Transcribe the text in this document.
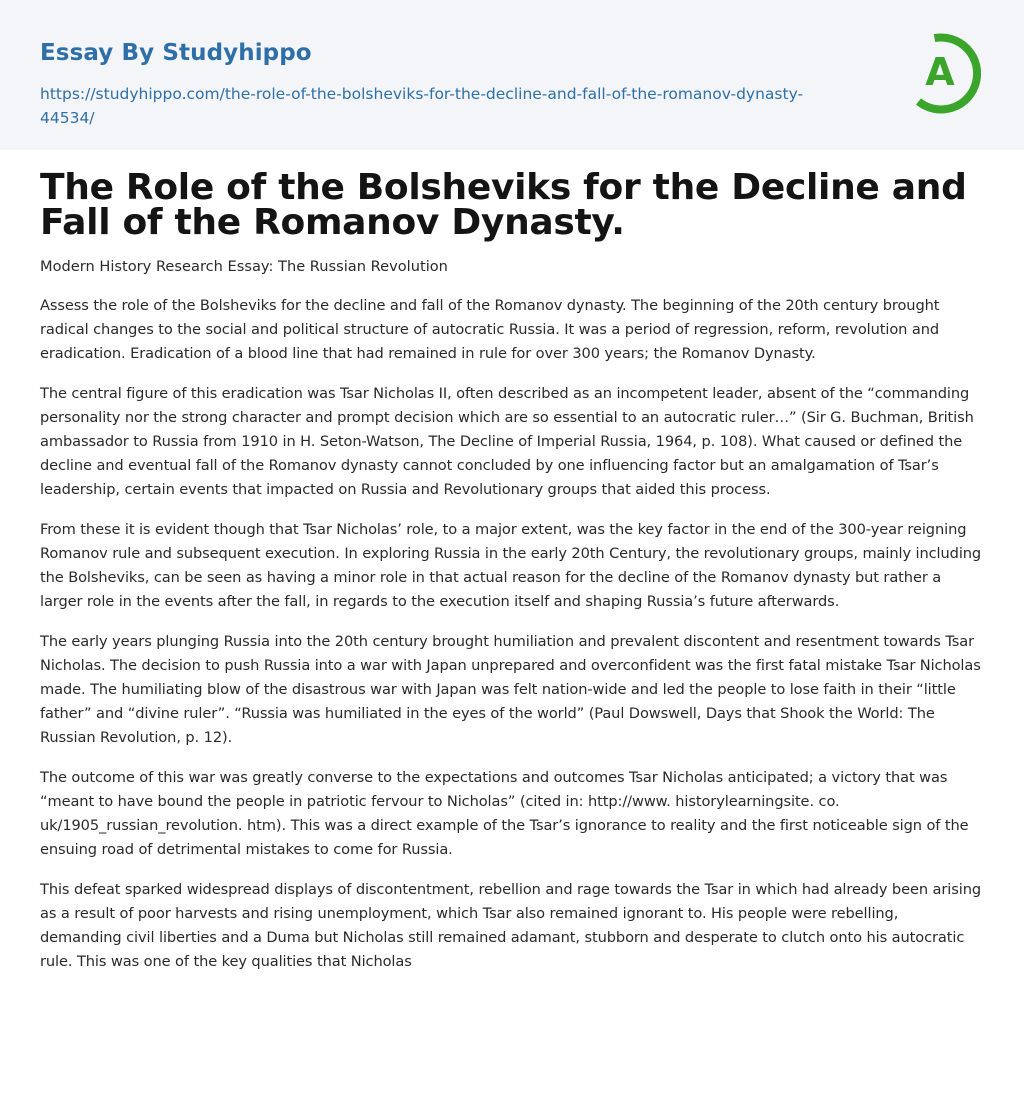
Essay By Studyhippo
https://studyhippo.com/the-role-of-the-bolsheviks-for-the-decline-and-fall-of-the-romanov-dynasty-44534/
A
The Role of the Bolsheviks for the Decline and Fall of the Romanov Dynasty.
Modern History Research Essay: The Russian Revolution

Assess the role of the Bolsheviks for the decline and fall of the Romanov dynasty. The beginning of the 20th century brought radical changes to the social and political structure of autocratic Russia. It was a period of regression, reform, revolution and eradication. Eradication of a blood line that had remained in rule for over 300 years; the Romanov Dynasty.

The central figure of this eradication was Tsar Nicholas II, often described as an incompetent leader, absent of the “commanding personality nor the strong character and prompt decision which are so essential to an autocratic ruler…” (Sir G. Buchman, British ambassador to Russia from 1910 in H. Seton-Watson, The Decline of Imperial Russia, 1964, p. 108). What caused or defined the decline and eventual fall of the Romanov dynasty cannot concluded by one influencing factor but an amalgamation of Tsar’s leadership, certain events that impacted on Russia and Revolutionary groups that aided this process.

From these it is evident though that Tsar Nicholas’ role, to a major extent, was the key factor in the end of the 300-year reigning Romanov rule and subsequent execution. In exploring Russia in the early 20th Century, the revolutionary groups, mainly including the Bolsheviks, can be seen as having a minor role in that actual reason for the decline of the Romanov dynasty but rather a larger role in the events after the fall, in regards to the execution itself and shaping Russia’s future afterwards.

The early years plunging Russia into the 20th century brought humiliation and prevalent discontent and resentment towards Tsar Nicholas. The decision to push Russia into a war with Japan unprepared and overconfident was the first fatal mistake Tsar Nicholas made. The humiliating blow of the disastrous war with Japan was felt nation-wide and led the people to lose faith in their “little father” and “divine ruler”. “Russia was humiliated in the eyes of the world” (Paul Dowswell, Days that Shook the World: The Russian Revolution, p. 12).

The outcome of this war was greatly converse to the expectations and outcomes Tsar Nicholas anticipated; a victory that was “meant to have bound the people in patriotic fervour to Nicholas” (cited in: http://www. historylearningsite. co. uk/1905_russian_revolution. htm). This was a direct example of the Tsar’s ignorance to reality and the first noticeable sign of the ensuing road of detrimental mistakes to come for Russia.

This defeat sparked widespread displays of discontentment, rebellion and rage towards the Tsar in which had already been arising as a result of poor harvests and rising unemployment, which Tsar also remained ignorant to. His people were rebelling, demanding civil liberties and a Duma but Nicholas still remained adamant, stubborn and desperate to clutch onto his autocratic rule. This was one of the key qualities that Nicholas
